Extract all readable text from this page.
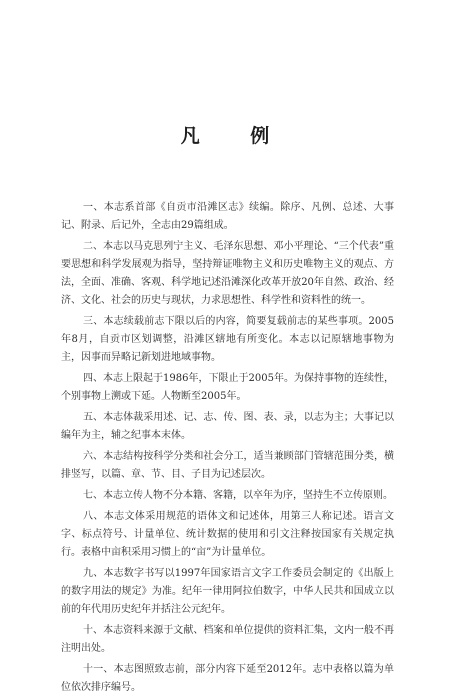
凡 例

一、本志系首部《自贡市沿滩区志》续编。除序、凡例、总述、大事记、附录、后记外，全志由29篇组成。

二、本志以马克思列宁主义、毛泽东思想、邓小平理论、“三个代表”重要思想和科学发展观为指导，坚持辩证唯物主义和历史唯物主义的观点、方法，全面、准确、客观、科学地记述沿滩深化改革开放20年自然、政治、经济、文化、社会的历史与现状，力求思想性、科学性和资料性的统一。

三、本志续载前志下限以后的内容，简要复载前志的某些事项。2005年8月，自贡市区划调整，沿滩区辖地有所变化。本志以记原辖地事物为主，因事而异略记新划进地域事物。

四、本志上限起于1986年，下限止于2005年。为保持事物的连续性，个别事物上溯或下延。人物断至2005年。

五、本志体裁采用述、记、志、传、图、表、录，以志为主；大事记以编年为主，辅之纪事本末体。

六、本志结构按科学分类和社会分工，适当兼顾部门管辖范围分类，横排竖写，以篇、章、节、目、子目为记述层次。

七、本志立传人物不分本籍、客籍，以卒年为序，坚持生不立传原则。

八、本志文体采用规范的语体文和记述体，用第三人称记述。语言文字、标点符号、计量单位、统计数据的使用和引文注释按国家有关规定执行。表格中亩积采用习惯上的“亩”为计量单位。

九、本志数字书写以1997年国家语言文字工作委员会制定的《出版上的数字用法的规定》为准。纪年一律用阿拉伯数字，中华人民共和国成立以前的年代用历史纪年并括注公元纪年。

十、本志资料来源于文献、档案和单位提供的资料汇集，文内一般不再注明出处。

十一、本志图照致志前，部分内容下延至2012年。志中表格以篇为单位依次排序编号。
